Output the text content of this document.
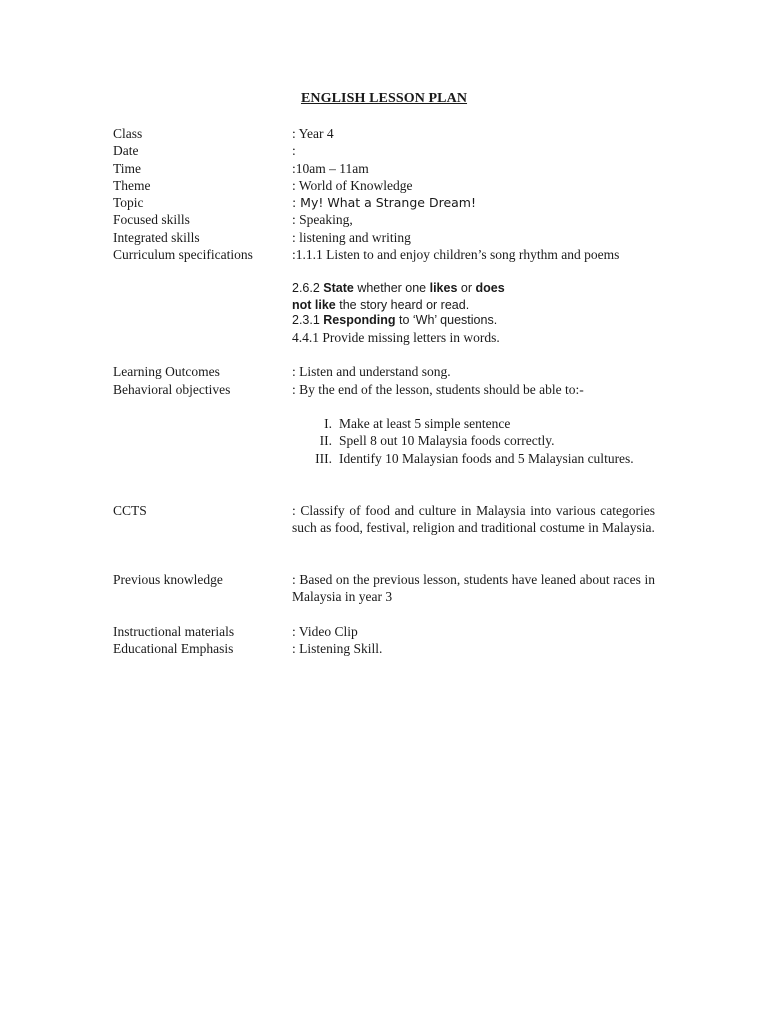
ENGLISH LESSON PLAN
Class	: Year 4
Date	:
Time	:10am – 11am
Theme	: World of Knowledge
Topic	: My! What a Strange Dream!
Focused skills	: Speaking,
Integrated skills	: listening and writing
Curriculum specifications	:1.1.1 Listen to and enjoy children’s song rhythm and poems
2.6.2 State whether one likes or does
not like the story heard or read.
2.3.1 Responding to ‘Wh’ questions.
4.4.1 Provide missing letters in words.
Learning Outcomes	: Listen and understand song.
Behavioral objectives	: By the end of the lesson, students should be able to:-
I. Make at least 5 simple sentence
II. Spell 8 out 10 Malaysia foods correctly.
III. Identify 10 Malaysian foods and 5 Malaysian cultures.
CCTS	: Classify of food and culture in Malaysia into various categories such as food, festival, religion and traditional costume in Malaysia.
Previous knowledge	: Based on the previous lesson, students have leaned about races in Malaysia in year 3
Instructional materials	: Video Clip
Educational Emphasis	: Listening Skill.
